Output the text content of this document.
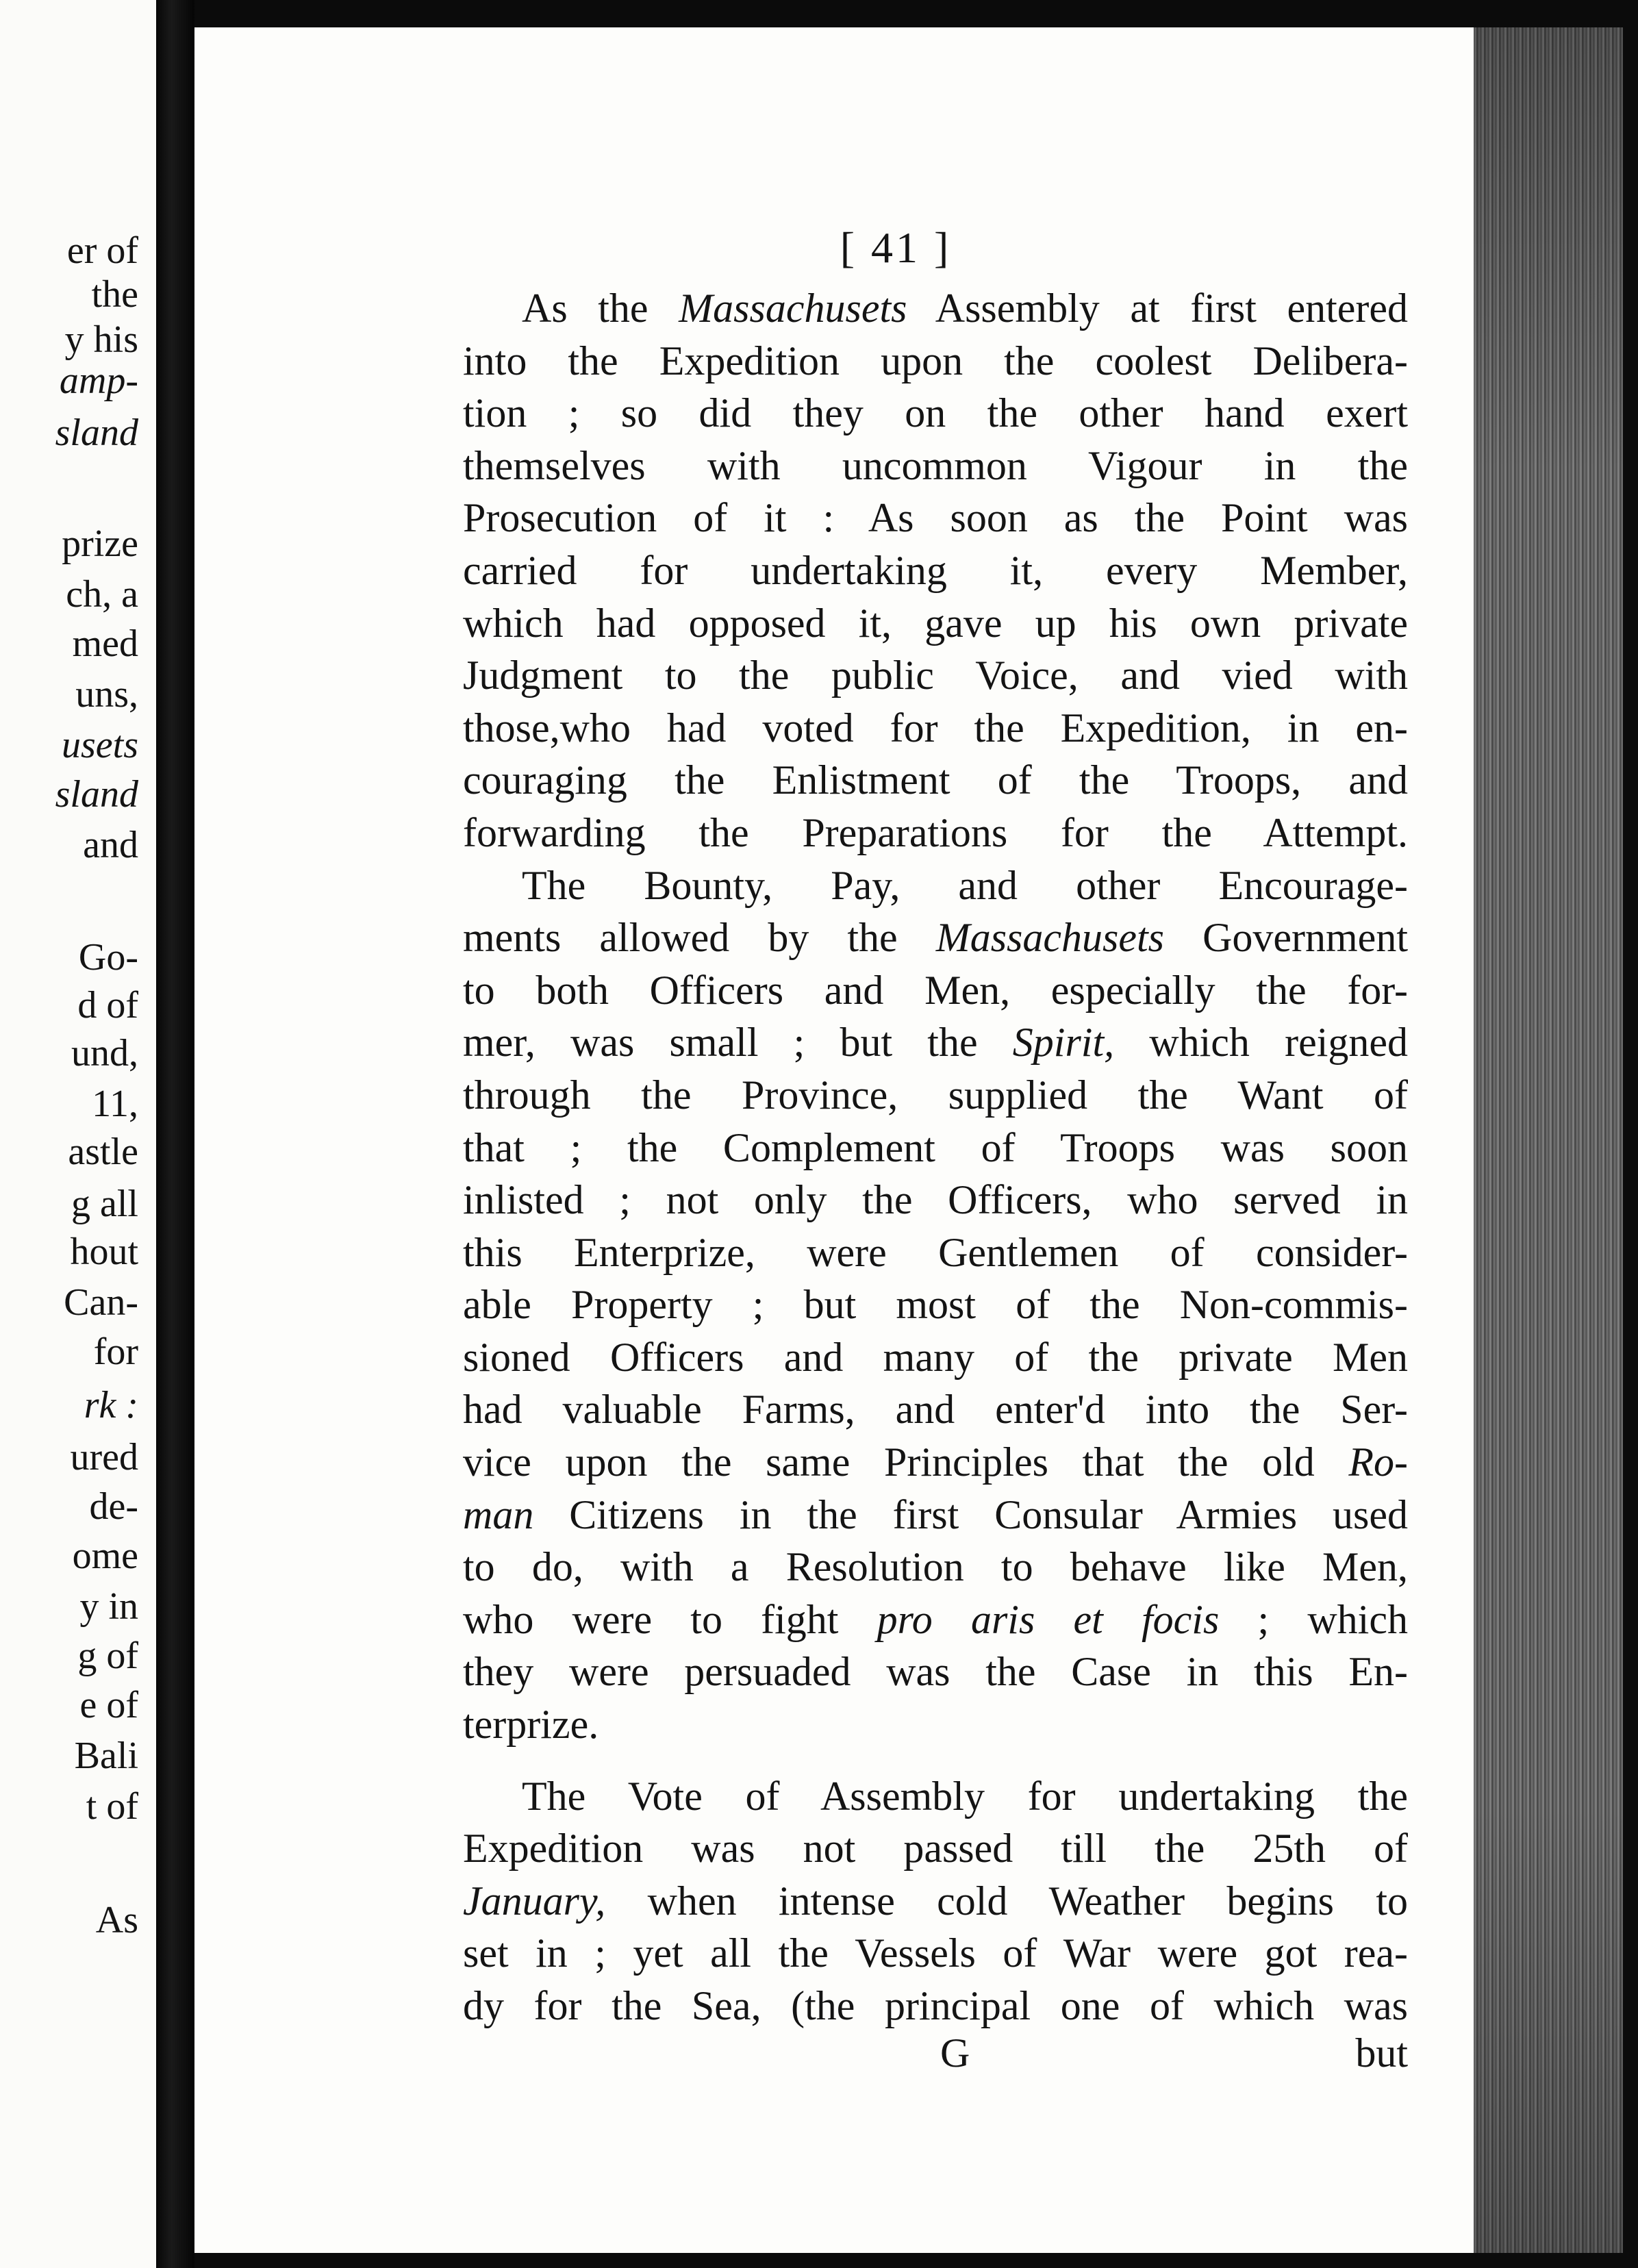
er of
the
y his
amp-
sland
prize
ch, a
med
uns,
usets
sland
and
Go-
d of
und,
11,
astle
g all
hout
Can-
for
rk :
ured
de-
ome
y in
g of
e of
Bali
t of
As
[ 41 ]
As the Massachusets Assembly at first entered
into the Expedition upon the coolest Delibera-
tion ; so did they on the other hand exert
themselves with uncommon Vigour in the
Prosecution of it : As soon as the Point was
carried for undertaking it, every Member,
which had opposed it, gave up his own private
Judgment to the public Voice, and vied with
those,who had voted for the Expedition, in en-
couraging the Enlistment of the Troops, and
forwarding the Preparations for the Attempt.
The Bounty, Pay, and other Encourage-
ments allowed by the Massachusets Government
to both Officers and Men, especially the for-
mer, was small ; but the Spirit, which reigned
through the Province, supplied the Want of
that ; the Complement of Troops was soon
inlisted ; not only the Officers, who served in
this Enterprize, were Gentlemen of consider-
able Property ; but most of the Non-commis-
sioned Officers and many of the private Men
had valuable Farms, and enter'd into the Ser-
vice upon the same Principles that the old Ro-
man Citizens in the first Consular Armies used
to do, with a Resolution to behave like Men,
who were to fight pro aris et focis ; which
they were persuaded was the Case in this En-
terprize.
The Vote of Assembly for undertaking the
Expedition was not passed till the 25th of
January, when intense cold Weather begins to
set in ; yet all the Vessels of War were got rea-
dy for the Sea, (the principal one of which was
G	but
